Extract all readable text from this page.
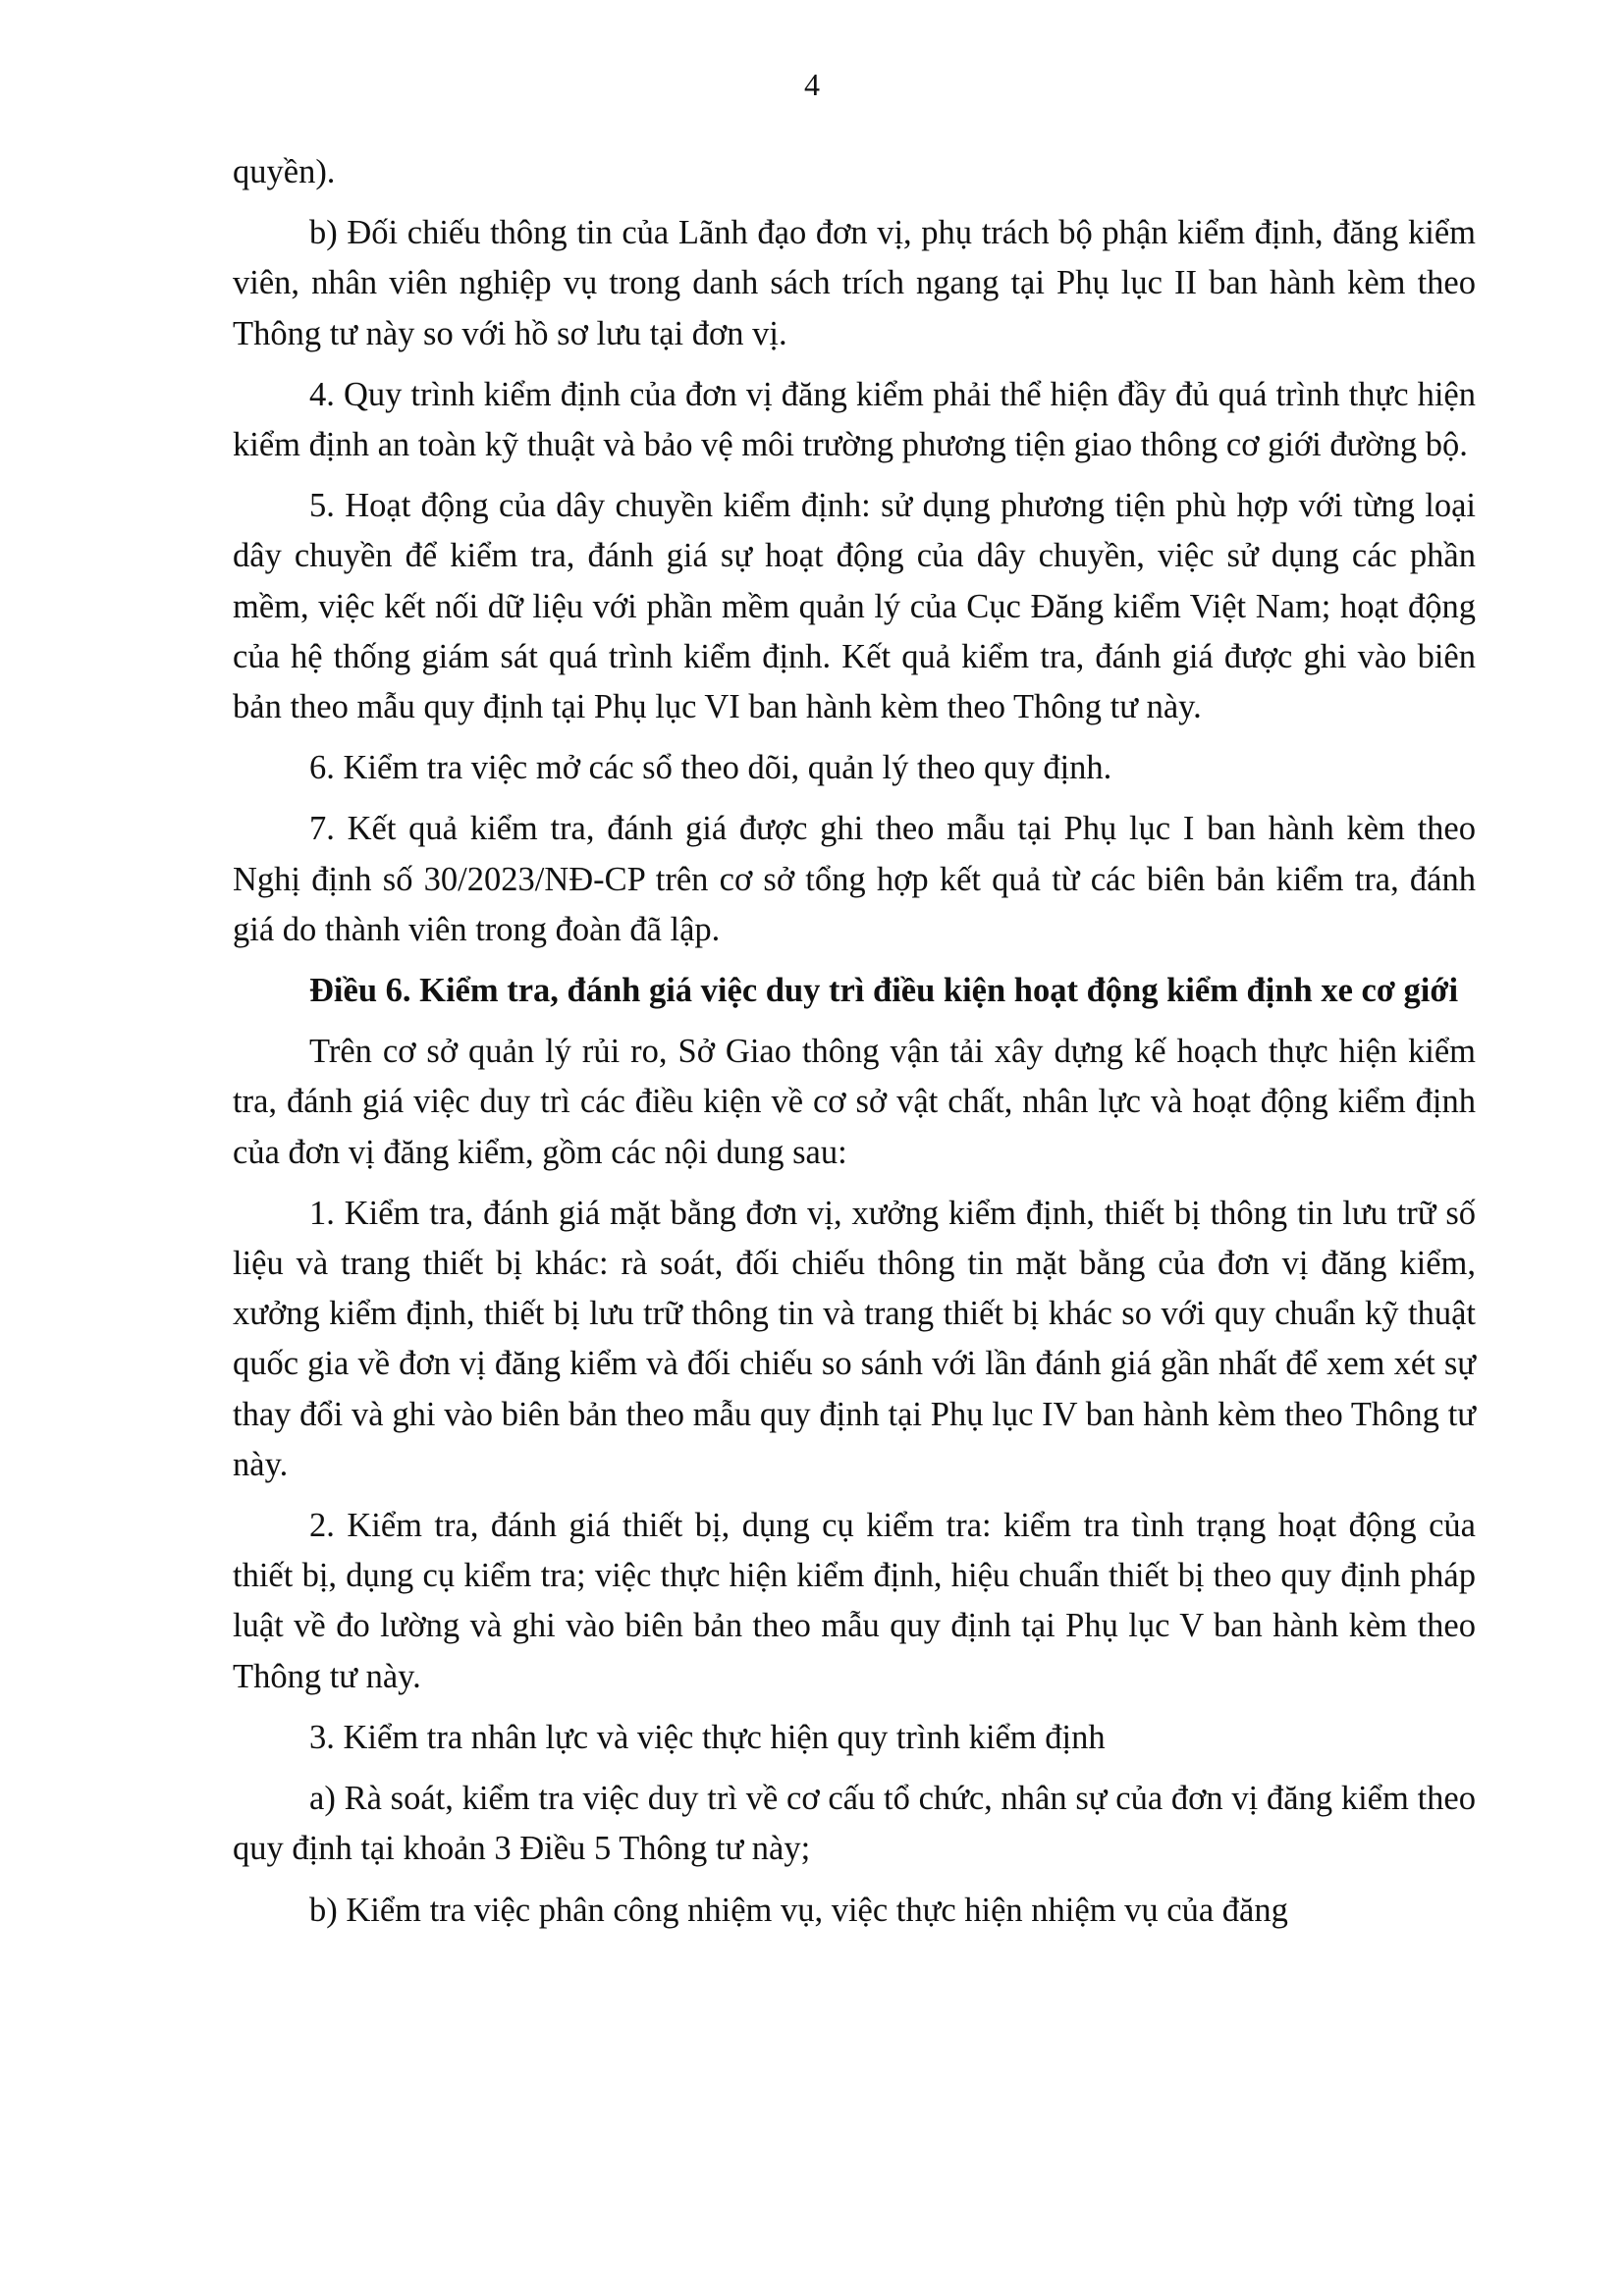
4

quyền).

b) Đối chiếu thông tin của Lãnh đạo đơn vị, phụ trách bộ phận kiểm định, đăng kiểm viên, nhân viên nghiệp vụ trong danh sách trích ngang tại Phụ lục II ban hành kèm theo Thông tư này so với hồ sơ lưu tại đơn vị.

4. Quy trình kiểm định của đơn vị đăng kiểm phải thể hiện đầy đủ quá trình thực hiện kiểm định an toàn kỹ thuật và bảo vệ môi trường phương tiện giao thông cơ giới đường bộ.

5. Hoạt động của dây chuyền kiểm định: sử dụng phương tiện phù hợp với từng loại dây chuyền để kiểm tra, đánh giá sự hoạt động của dây chuyền, việc sử dụng các phần mềm, việc kết nối dữ liệu với phần mềm quản lý của Cục Đăng kiểm Việt Nam; hoạt động của hệ thống giám sát quá trình kiểm định. Kết quả kiểm tra, đánh giá được ghi vào biên bản theo mẫu quy định tại Phụ lục VI ban hành kèm theo Thông tư này.

6. Kiểm tra việc mở các sổ theo dõi, quản lý theo quy định.

7. Kết quả kiểm tra, đánh giá được ghi theo mẫu tại Phụ lục I ban hành kèm theo Nghị định số 30/2023/NĐ-CP trên cơ sở tổng hợp kết quả từ các biên bản kiểm tra, đánh giá do thành viên trong đoàn đã lập.

Điều 6. Kiểm tra, đánh giá việc duy trì điều kiện hoạt động kiểm định xe cơ giới

Trên cơ sở quản lý rủi ro, Sở Giao thông vận tải xây dựng kế hoạch thực hiện kiểm tra, đánh giá việc duy trì các điều kiện về cơ sở vật chất, nhân lực và hoạt động kiểm định của đơn vị đăng kiểm, gồm các nội dung sau:

1. Kiểm tra, đánh giá mặt bằng đơn vị, xưởng kiểm định, thiết bị thông tin lưu trữ số liệu và trang thiết bị khác: rà soát, đối chiếu thông tin mặt bằng của đơn vị đăng kiểm, xưởng kiểm định, thiết bị lưu trữ thông tin và trang thiết bị khác so với quy chuẩn kỹ thuật quốc gia về đơn vị đăng kiểm và đối chiếu so sánh với lần đánh giá gần nhất để xem xét sự thay đổi và ghi vào biên bản theo mẫu quy định tại Phụ lục IV ban hành kèm theo Thông tư này.

2. Kiểm tra, đánh giá thiết bị, dụng cụ kiểm tra: kiểm tra tình trạng hoạt động của thiết bị, dụng cụ kiểm tra; việc thực hiện kiểm định, hiệu chuẩn thiết bị theo quy định pháp luật về đo lường và ghi vào biên bản theo mẫu quy định tại Phụ lục V ban hành kèm theo Thông tư này.

3. Kiểm tra nhân lực và việc thực hiện quy trình kiểm định

a) Rà soát, kiểm tra việc duy trì về cơ cấu tổ chức, nhân sự của đơn vị đăng kiểm theo quy định tại khoản 3 Điều 5 Thông tư này;

b) Kiểm tra việc phân công nhiệm vụ, việc thực hiện nhiệm vụ của đăng
